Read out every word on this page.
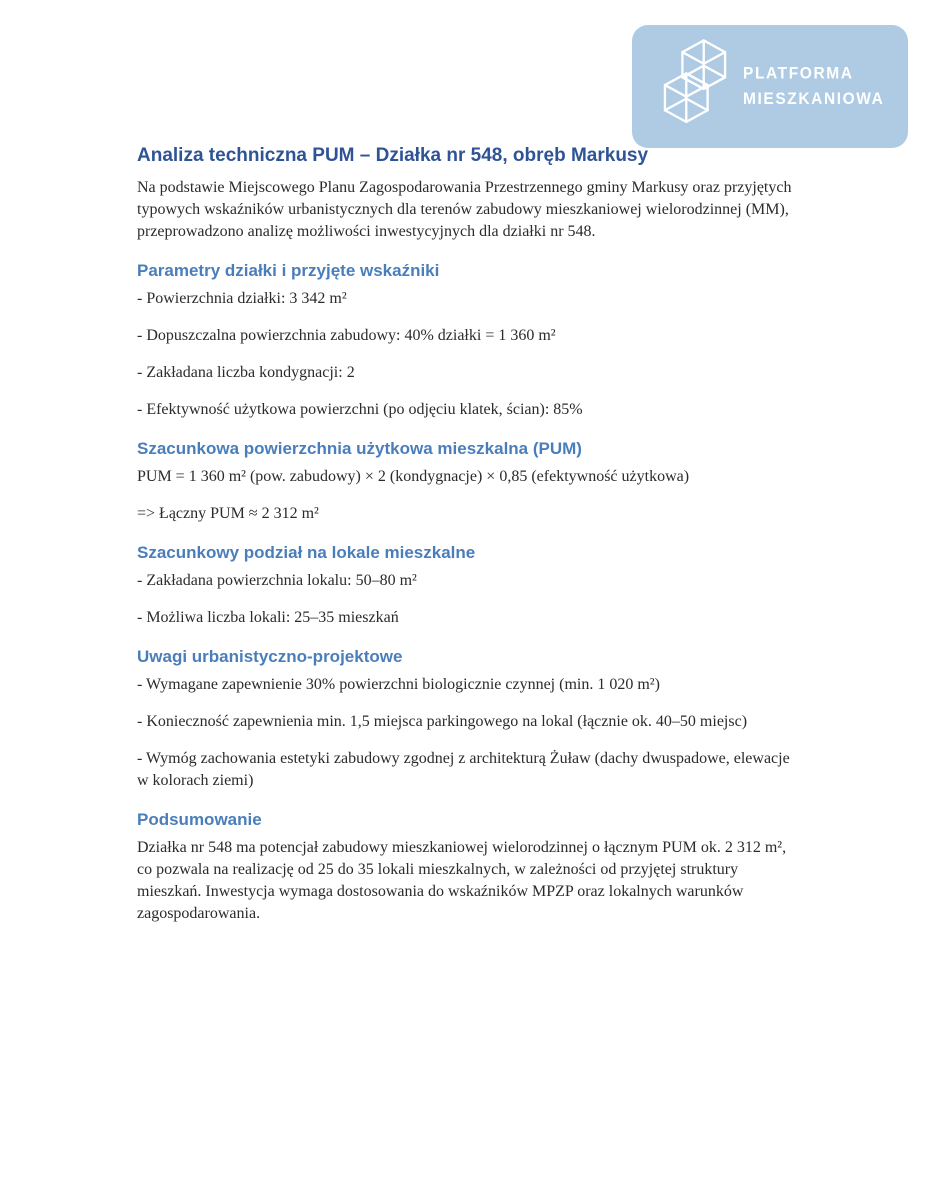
PLATFORMA
MIESZKANIOWA
Analiza techniczna PUM – Działka nr 548, obręb Markusy

Na podstawie Miejscowego Planu Zagospodarowania Przestrzennego gminy Markusy oraz przyjętych typowych wskaźników urbanistycznych dla terenów zabudowy mieszkaniowej wielorodzinnej (MM), przeprowadzono analizę możliwości inwestycyjnych dla działki nr 548.

Parametry działki i przyjęte wskaźniki

- Powierzchnia działki: 3 342 m²

- Dopuszczalna powierzchnia zabudowy: 40% działki = 1 360 m²

- Zakładana liczba kondygnacji: 2

- Efektywność użytkowa powierzchni (po odjęciu klatek, ścian): 85%

Szacunkowa powierzchnia użytkowa mieszkalna (PUM)

PUM = 1 360 m² (pow. zabudowy) × 2 (kondygnacje) × 0,85 (efektywność użytkowa)

=> Łączny PUM ≈ 2 312 m²

Szacunkowy podział na lokale mieszkalne

- Zakładana powierzchnia lokalu: 50–80 m²

- Możliwa liczba lokali: 25–35 mieszkań

Uwagi urbanistyczno-projektowe

- Wymagane zapewnienie 30% powierzchni biologicznie czynnej (min. 1 020 m²)

- Konieczność zapewnienia min. 1,5 miejsca parkingowego na lokal (łącznie ok. 40–50 miejsc)

- Wymóg zachowania estetyki zabudowy zgodnej z architekturą Żuław (dachy dwuspadowe, elewacje w kolorach ziemi)

Podsumowanie

Działka nr 548 ma potencjał zabudowy mieszkaniowej wielorodzinnej o łącznym PUM ok. 2 312 m², co pozwala na realizację od 25 do 35 lokali mieszkalnych, w zależności od przyjętej struktury mieszkań. Inwestycja wymaga dostosowania do wskaźników MPZP oraz lokalnych warunków zagospodarowania.
